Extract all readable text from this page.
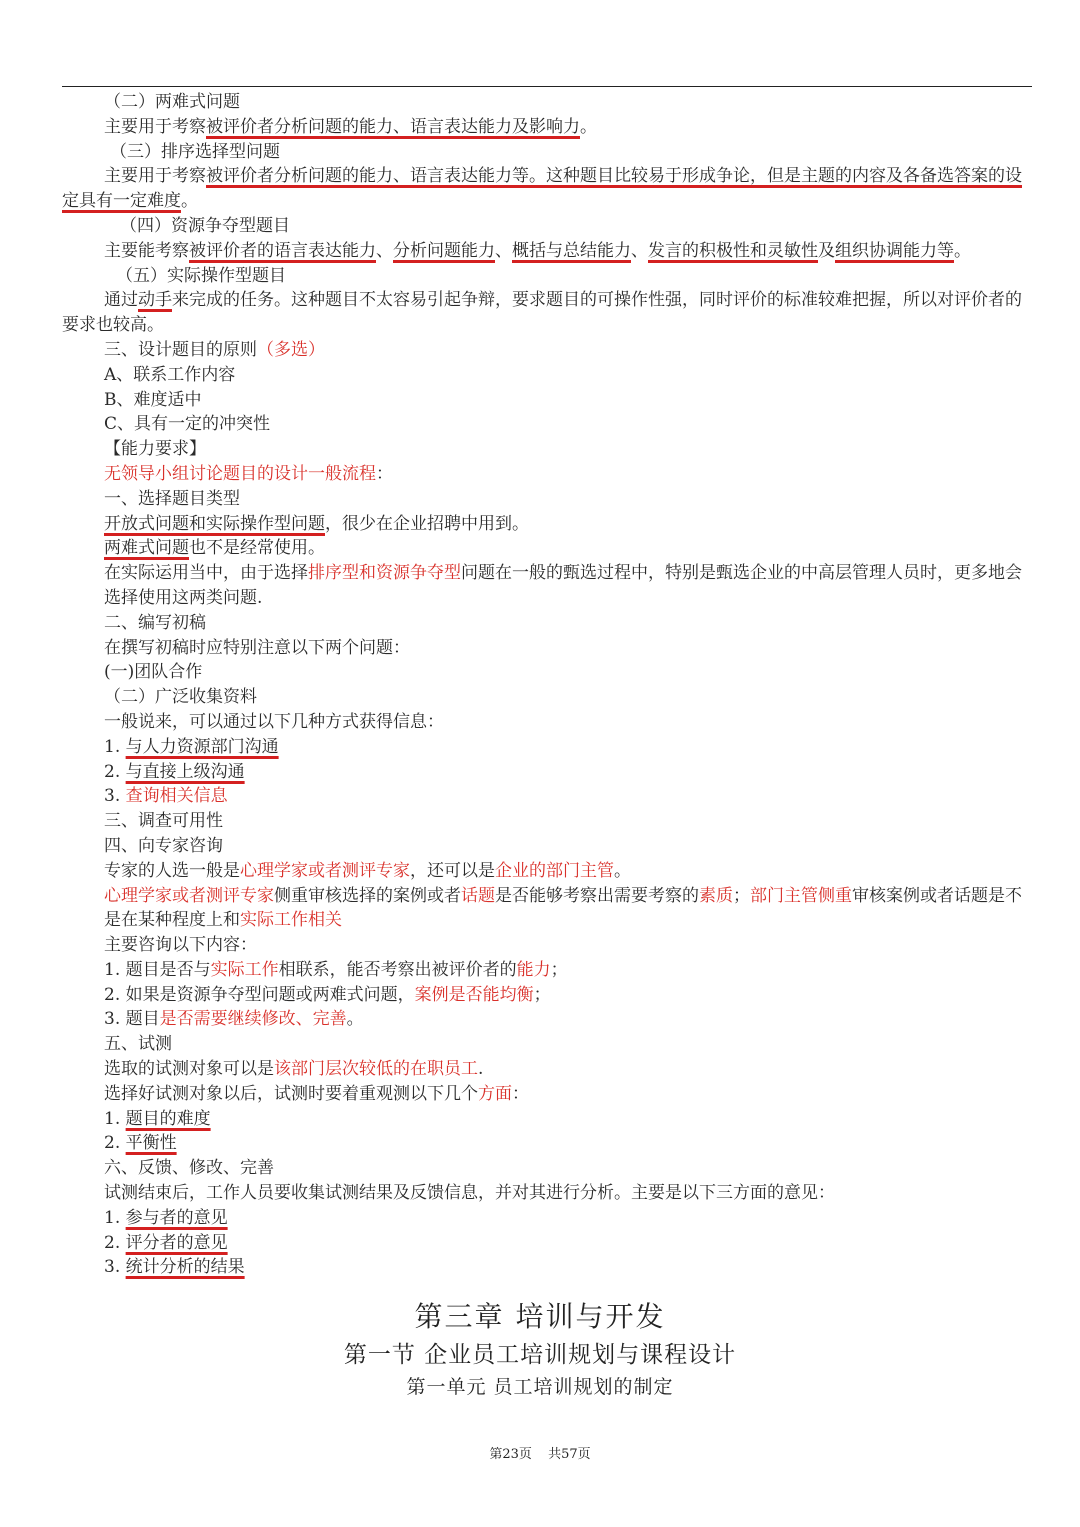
（二）两难式问题
主要用于考察被评价者分析问题的能力、语言表达能力及影响力。
（三）排序选择型问题
主要用于考察被评价者分析问题的能力、语言表达能力等。这种题目比较易于形成争论，但是主题的内容及各备选答案的设定具有一定难度。
（四）资源争夺型题目
主要能考察被评价者的语言表达能力、分析问题能力、概括与总结能力、发言的积极性和灵敏性及组织协调能力等。
（五）实际操作型题目
通过动手来完成的任务。这种题目不太容易引起争辩，要求题目的可操作性强，同时评价的标准较难把握，所以对评价者的要求也较高。
三、设计题目的原则（多选）
A、联系工作内容
B、难度适中
C、具有一定的冲突性
【能力要求】
无领导小组讨论题目的设计一般流程：
一、选择题目类型
开放式问题和实际操作型问题，很少在企业招聘中用到。
两难式问题也不是经常使用。
在实际运用当中，由于选择排序型和资源争夺型问题在一般的甄选过程中，特别是甄选企业的中高层管理人员时，更多地会选择使用这两类问题.
二、编写初稿
在撰写初稿时应特别注意以下两个问题：
(一)团队合作
（二）广泛收集资料
一般说来，可以通过以下几种方式获得信息：
1. 与人力资源部门沟通
2. 与直接上级沟通
3. 查询相关信息
三、调查可用性
四、向专家咨询
专家的人选一般是心理学家或者测评专家，还可以是企业的部门主管。
心理学家或者测评专家侧重审核选择的案例或者话题是否能够考察出需要考察的素质；部门主管侧重审核案例或者话题是不是在某种程度上和实际工作相关
主要咨询以下内容：
1. 题目是否与实际工作相联系，能否考察出被评价者的能力；
2. 如果是资源争夺型问题或两难式问题，案例是否能均衡；
3. 题目是否需要继续修改、完善。
五、试测
选取的试测对象可以是该部门层次较低的在职员工.
选择好试测对象以后，试测时要着重观测以下几个方面：
1. 题目的难度
2. 平衡性
六、反馈、修改、完善
试测结束后，工作人员要收集试测结果及反馈信息，并对其进行分析。主要是以下三方面的意见：
1. 参与者的意见
2. 评分者的意见
3. 统计分析的结果
第三章 培训与开发
第一节 企业员工培训规划与课程设计
第一单元 员工培训规划的制定
第23页 共57页
